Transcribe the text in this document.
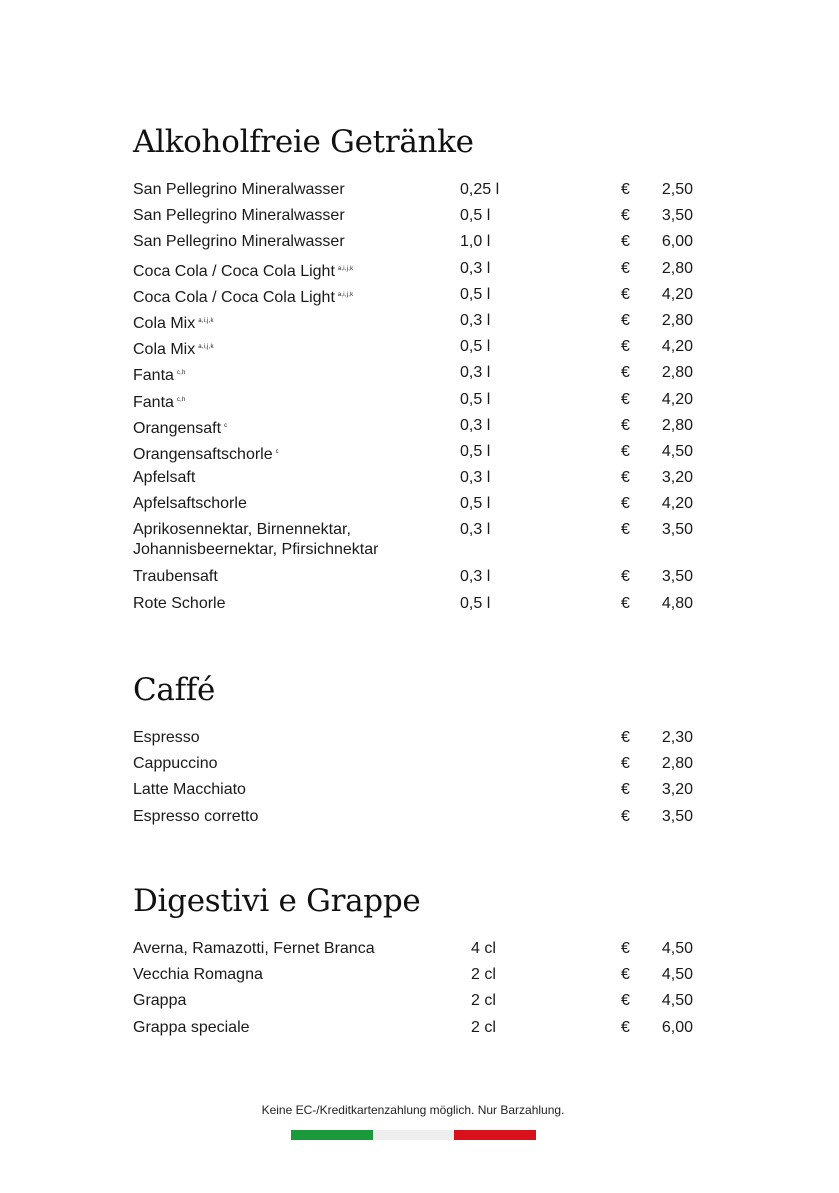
Alkoholfreie Getränke
San Pellegrino Mineralwasser	0,25 l	€ 2,50
San Pellegrino Mineralwasser	0,5 l	€ 3,50
San Pellegrino Mineralwasser	1,0 l	€ 6,00
Coca Cola / Coca Cola Light $^{a,i,j,k}$	0,3 l	€ 2,80
Coca Cola / Coca Cola Light $^{a,i,j,k}$	0,5 l	€ 4,20
Cola Mix $^{a,i,j,k}$	0,3 l	€ 2,80
Cola Mix $^{a,i,j,k}$	0,5 l	€ 4,20
Fanta $^{c,h}$	0,3 l	€ 2,80
Fanta $^{c,h}$	0,5 l	€ 4,20
Orangensaft $^c$	0,3 l	€ 2,80
Orangensaftschorle $^c$	0,5 l	€ 4,50
Apfelsaft	0,3 l	€ 3,20
Apfelsaftschorle	0,5 l	€ 4,20
Aprikosennektar, Birnennektar,
Johannisbeernektar, Pfirsichnektar
0,3 l	€ 3,50
Traubensaft	0,3 l	€ 3,50
Rote Schorle	0,5 l	€ 4,80
Caffé
Espresso	€ 2,30
Cappuccino	€ 2,80
Latte Macchiato	€ 3,20
Espresso corretto	€ 3,50
Digestivi e Grappe
Averna, Ramazotti, Fernet Branca	4 cl	€ 4,50
Vecchia Romagna	2 cl	€ 4,50
Grappa	2 cl	€ 4,50
Grappa speciale	2 cl	€ 6,00
Keine EC-/Kreditkartenzahlung möglich. Nur Barzahlung.
